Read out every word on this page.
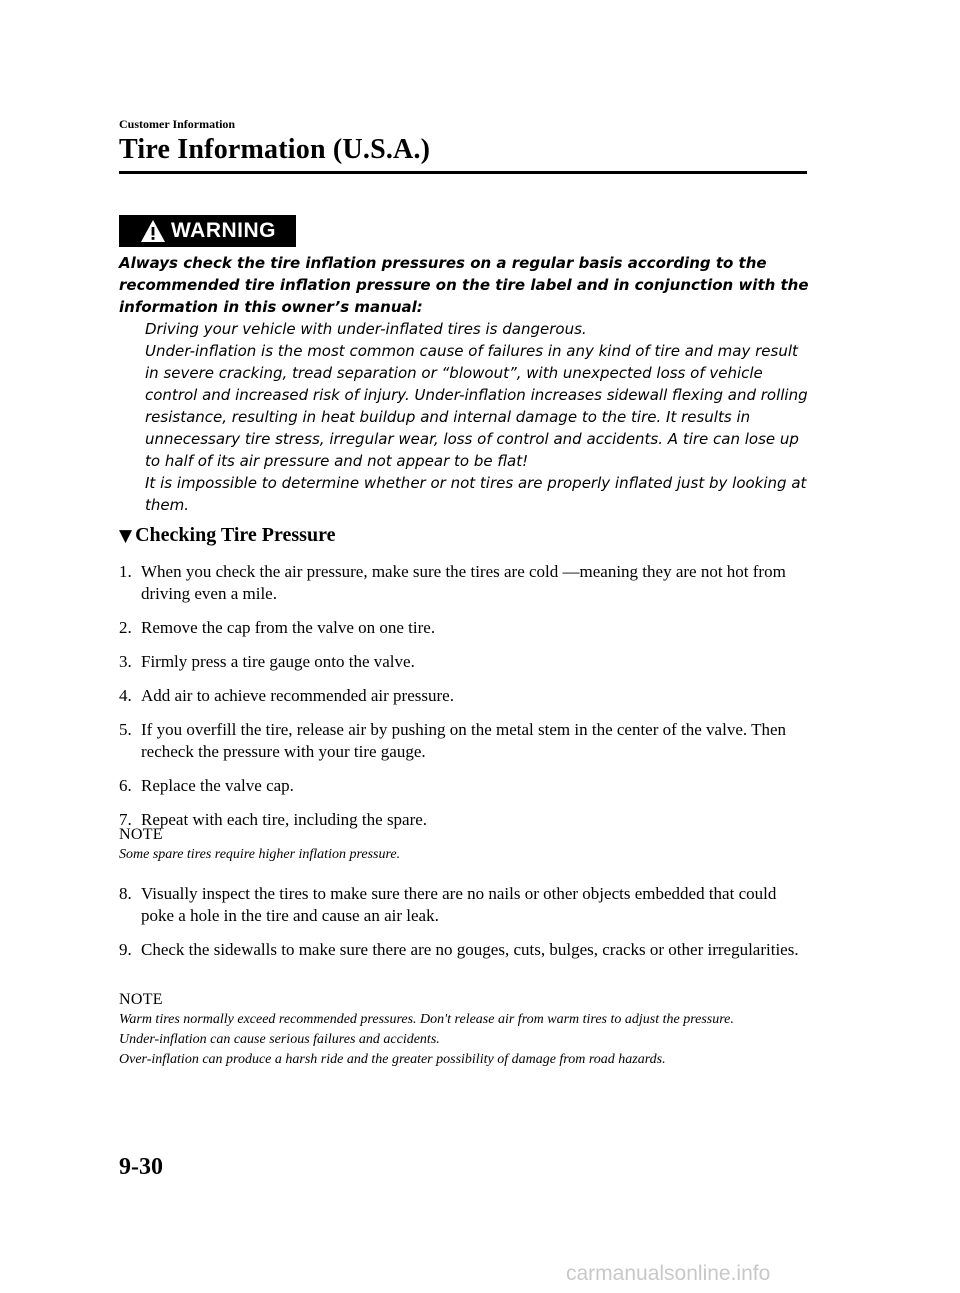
Customer Information
Tire Information (U.S.A.)
WARNING
Always check the tire inflation pressures on a regular basis according to the recommended tire inflation pressure on the tire label and in conjunction with the information in this owner’s manual:
Driving your vehicle with under-inflated tires is dangerous.
Under-inflation is the most common cause of failures in any kind of tire and may result in severe cracking, tread separation or “blowout”, with unexpected loss of vehicle control and increased risk of injury. Under-inflation increases sidewall flexing and rolling resistance, resulting in heat buildup and internal damage to the tire. It results in unnecessary tire stress, irregular wear, loss of control and accidents. A tire can lose up to half of its air pressure and not appear to be flat!
It is impossible to determine whether or not tires are properly inflated just by looking at them.
▼ Checking Tire Pressure
1. When you check the air pressure, make sure the tires are cold ―meaning they are not hot from driving even a mile.
2. Remove the cap from the valve on one tire.
3. Firmly press a tire gauge onto the valve.
4. Add air to achieve recommended air pressure.
5. If you overfill the tire, release air by pushing on the metal stem in the center of the valve. Then recheck the pressure with your tire gauge.
6. Replace the valve cap.
7. Repeat with each tire, including the spare.
NOTE
Some spare tires require higher inflation pressure.
8. Visually inspect the tires to make sure there are no nails or other objects embedded that could poke a hole in the tire and cause an air leak.
9. Check the sidewalls to make sure there are no gouges, cuts, bulges, cracks or other irregularities.
NOTE
Warm tires normally exceed recommended pressures. Don't release air from warm tires to adjust the pressure.
Under-inflation can cause serious failures and accidents.
Over-inflation can produce a harsh ride and the greater possibility of damage from road hazards.
9-30
carmanualsonline.info
